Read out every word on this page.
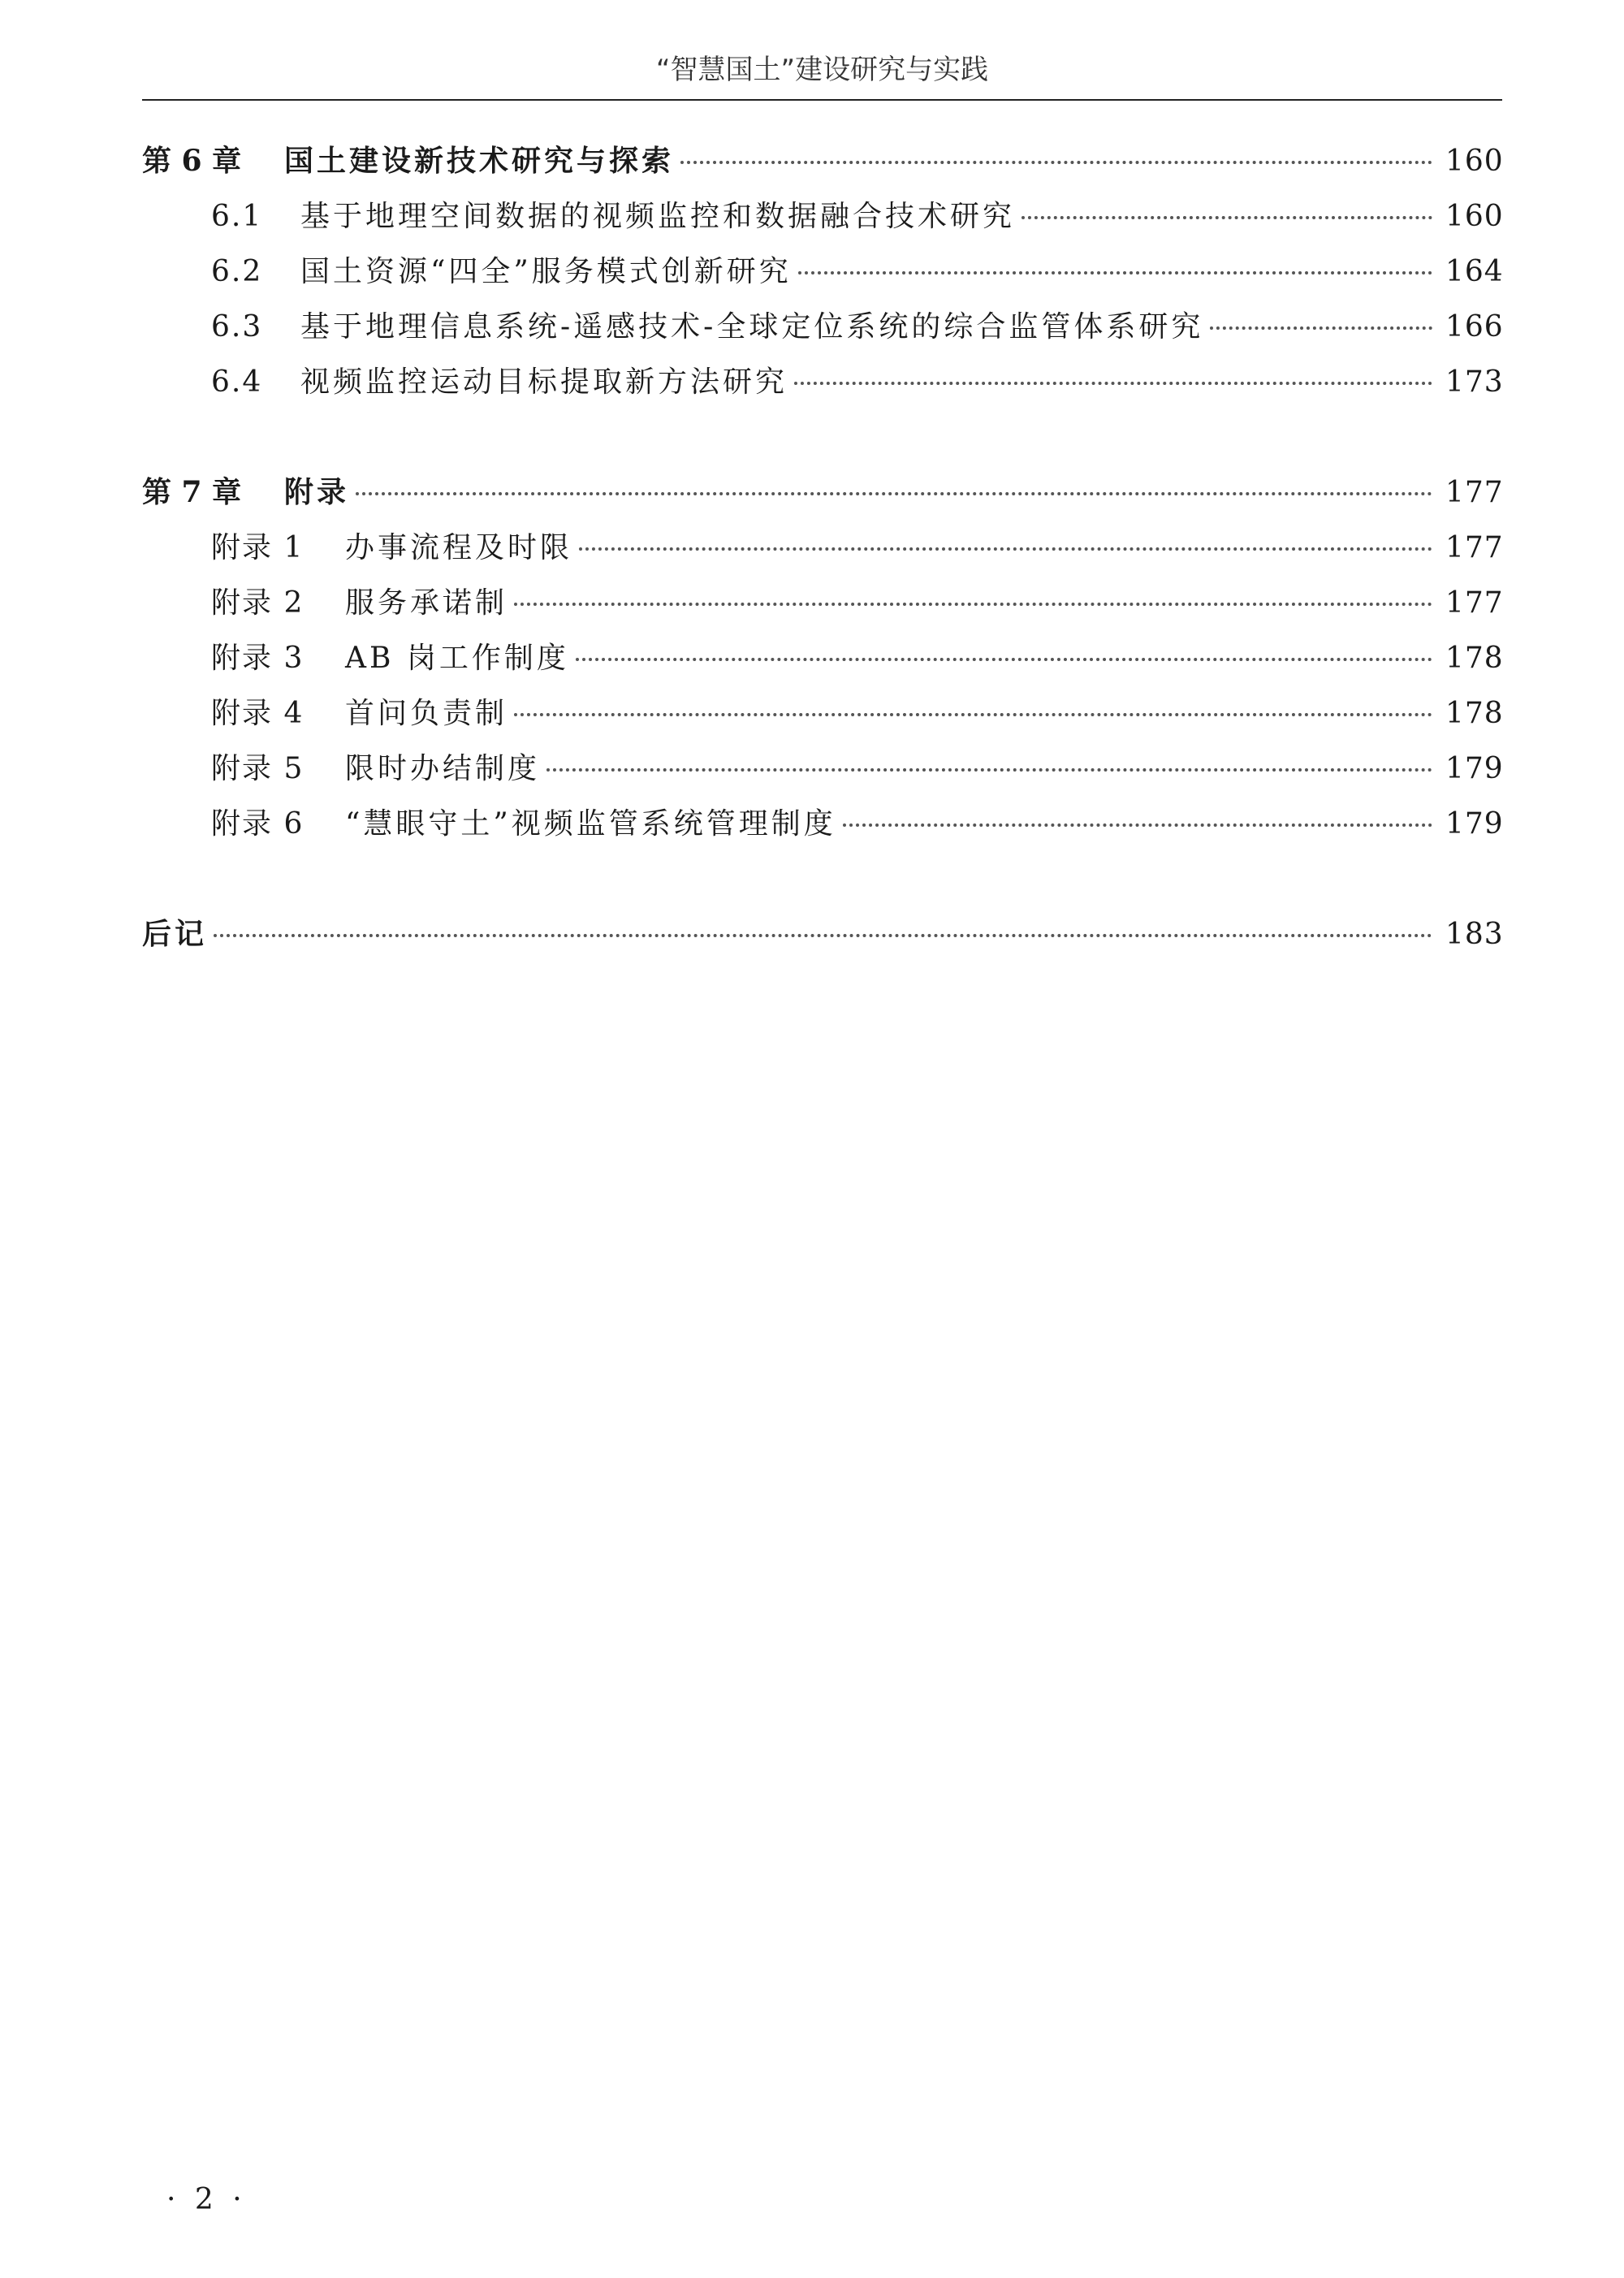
“智慧国土”建设研究与实践
第 6 章	国土建设新技术研究与探索	160
6.1	基于地理空间数据的视频监控和数据融合技术研究	160
6.2	国土资源“四全”服务模式创新研究	164
6.3	基于地理信息系统-遥感技术-全球定位系统的综合监管体系研究	166
6.4	视频监控运动目标提取新方法研究	173
第 7 章	附录	177
附录 1	办事流程及时限	177
附录 2	服务承诺制	177
附录 3	AB 岗工作制度	178
附录 4	首问负责制	178
附录 5	限时办结制度	179
附录 6	“慧眼守土”视频监管系统管理制度	179
后记	183
· 2 ·
